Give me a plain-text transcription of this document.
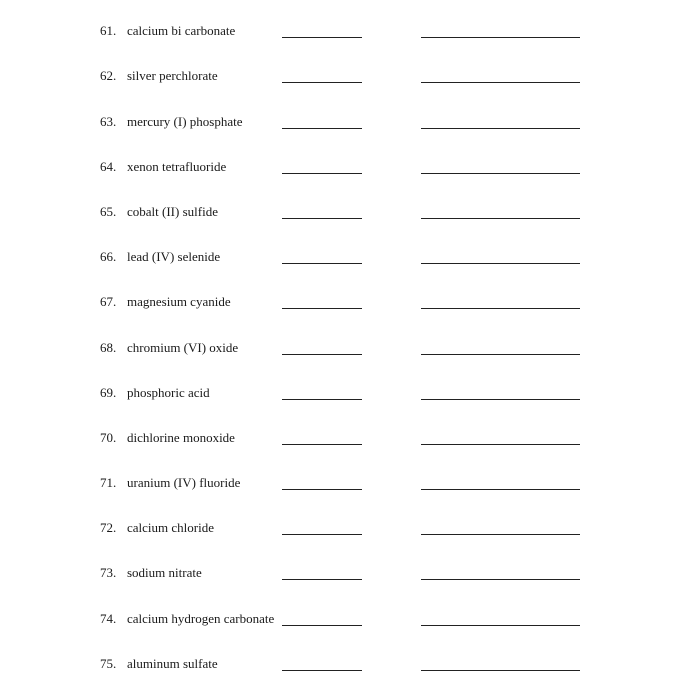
61. calcium bi carbonate
62. silver perchlorate
63. mercury (I) phosphate
64. xenon tetrafluoride
65. cobalt (II) sulfide
66. lead (IV) selenide
67. magnesium cyanide
68. chromium (VI) oxide
69. phosphoric acid
70. dichlorine monoxide
71. uranium (IV) fluoride
72. calcium chloride
73. sodium nitrate
74. calcium hydrogen carbonate
75. aluminum sulfate
